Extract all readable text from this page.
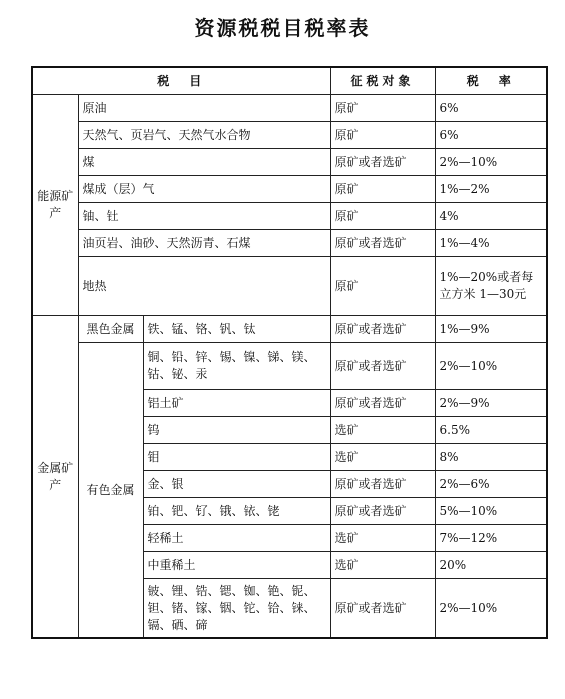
资源税税目税率表
税　目			征税对象	税　率
能源矿产	原油		原矿	6%
	天然气、页岩气、天然气水合物		原矿	6%
	煤		原矿或者选矿	2%—10%
	煤成（层）气		原矿	1%—2%
	铀、钍		原矿	4%
	油页岩、油砂、天然沥青、石煤		原矿或者选矿	1%—4%
	地热		原矿	1%—20%或者每立方米 1—30元
金属矿产	黑色金属	铁、锰、铬、钒、钛	原矿或者选矿	1%—9%
	有色金属	铜、铅、锌、锡、镍、锑、镁、钴、铋、汞	原矿或者选矿	2%—10%
		铝土矿	原矿或者选矿	2%—9%
		钨	选矿	6.5%
		钼	选矿	8%
		金、银	原矿或者选矿	2%—6%
		铂、钯、钌、锇、铱、铑	原矿或者选矿	5%—10%
		轻稀土	选矿	7%—12%
		中重稀土	选矿	20%
		铍、锂、锆、锶、铷、铯、铌、钽、锗、镓、铟、铊、铪、铼、镉、硒、碲	原矿或者选矿	2%—10%
